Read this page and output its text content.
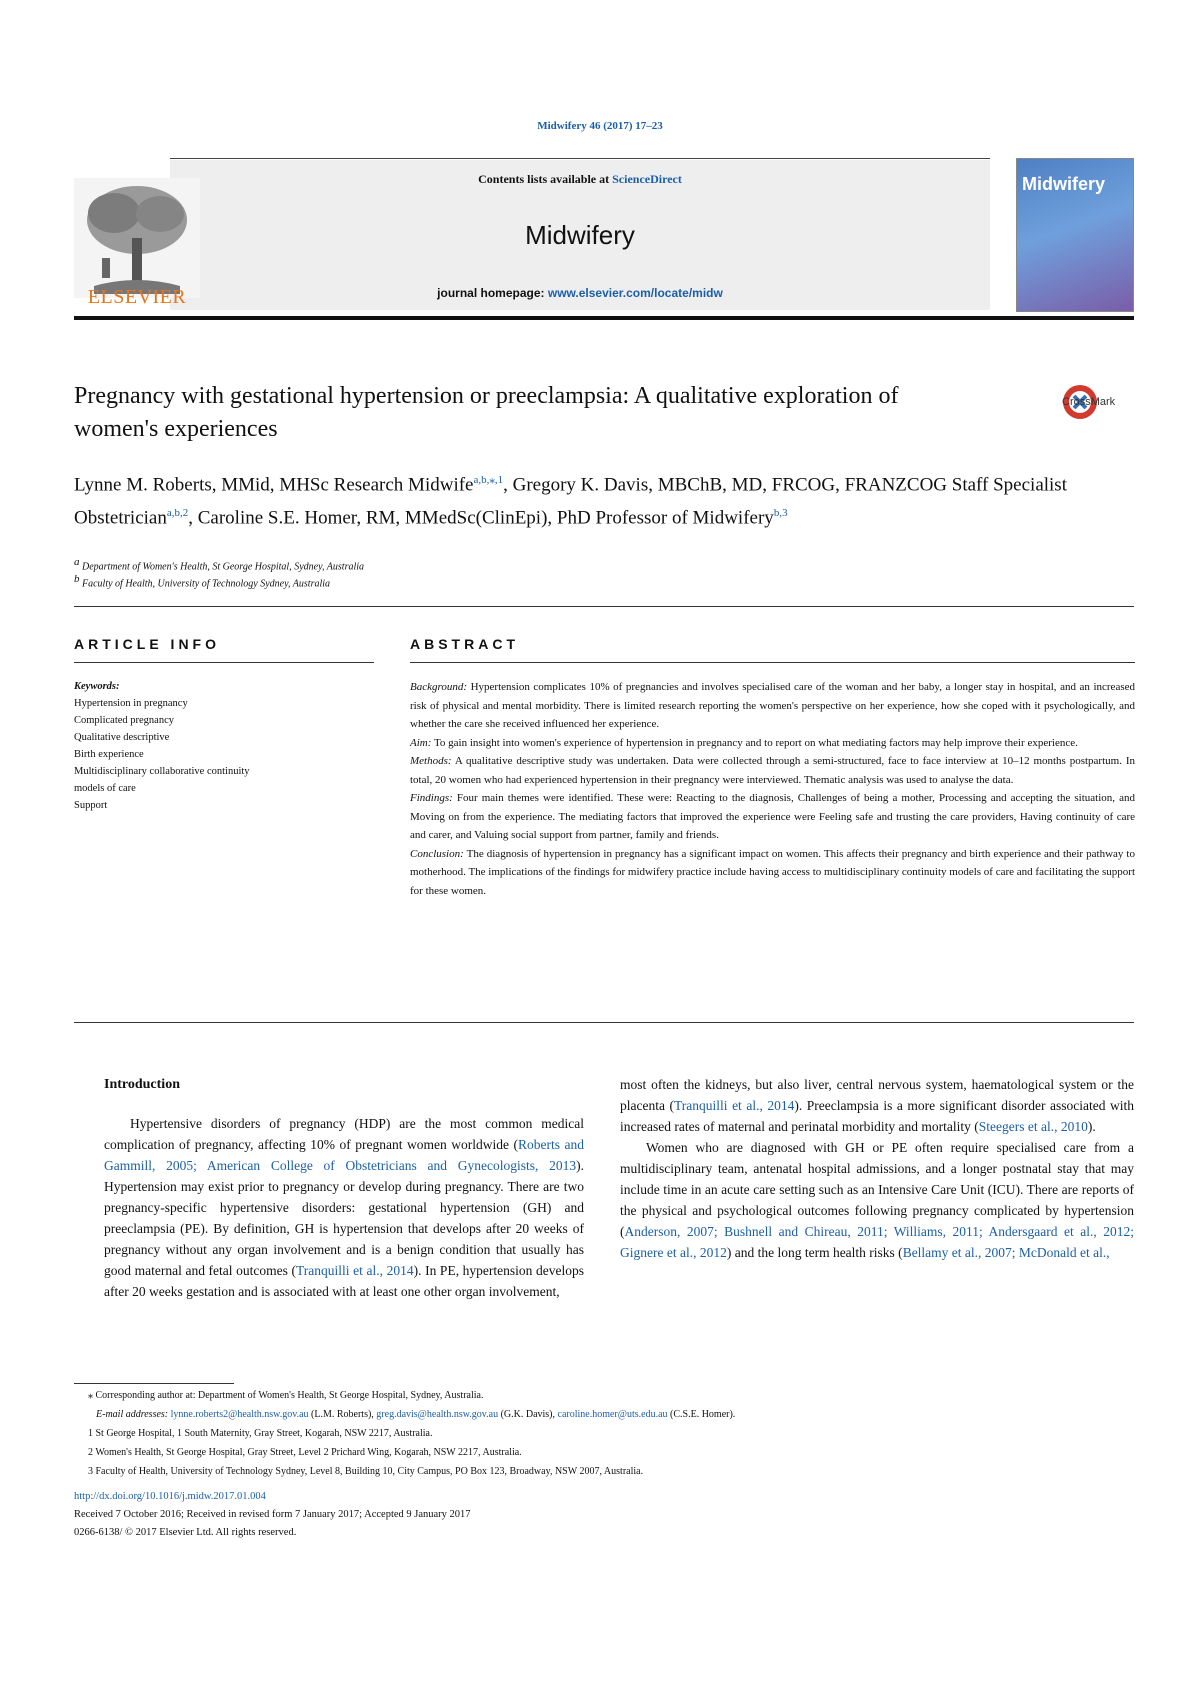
Midwifery 46 (2017) 17–23
Contents lists available at ScienceDirect
Midwifery
journal homepage: www.elsevier.com/locate/midw
ELSEVIER
Midwifery
Pregnancy with gestational hypertension or preeclampsia: A qualitative exploration of women's experiences
CrossMark
Lynne M. Roberts, MMid, MHSc Research Midwife$^{a,b,⁎,1}$, Gregory K. Davis, MBChB, MD, FRCOG, FRANZCOG Staff Specialist Obstetrician$^{a,b,2}$, Caroline S.E. Homer, RM, MMedSc(ClinEpi), PhD Professor of Midwifery$^{b,3}$
$^a$ Department of Women's Health, St George Hospital, Sydney, Australia
$^b$ Faculty of Health, University of Technology Sydney, Australia
ARTICLE INFO
Keywords:
Hypertension in pregnancy
Complicated pregnancy
Qualitative descriptive
Birth experience
Multidisciplinary collaborative continuity
models of care
Support
ABSTRACT
Background: Hypertension complicates 10% of pregnancies and involves specialised care of the woman and her baby, a longer stay in hospital, and an increased risk of physical and mental morbidity. There is limited research reporting the women's perspective on her experience, how she coped with it psychologically, and whether the care she received influenced her experience.
Aim: To gain insight into women's experience of hypertension in pregnancy and to report on what mediating factors may help improve their experience.
Methods: A qualitative descriptive study was undertaken. Data were collected through a semi-structured, face to face interview at 10–12 months postpartum. In total, 20 women who had experienced hypertension in their pregnancy were interviewed. Thematic analysis was used to analyse the data.
Findings: Four main themes were identified. These were: Reacting to the diagnosis, Challenges of being a mother, Processing and accepting the situation, and Moving on from the experience. The mediating factors that improved the experience were Feeling safe and trusting the care providers, Having continuity of care and carer, and Valuing social support from partner, family and friends.
Conclusion: The diagnosis of hypertension in pregnancy has a significant impact on women. This affects their pregnancy and birth experience and their pathway to motherhood. The implications of the findings for midwifery practice include having access to multidisciplinary continuity models of care and facilitating the support for these women.
Introduction

Hypertensive disorders of pregnancy (HDP) are the most common medical complication of pregnancy, affecting 10% of pregnant women worldwide (Roberts and Gammill, 2005; American College of Obstetricians and Gynecologists, 2013). Hypertension may exist prior to pregnancy or develop during pregnancy. There are two pregnancy-specific hypertensive disorders: gestational hypertension (GH) and preeclampsia (PE). By definition, GH is hypertension that develops after 20 weeks of pregnancy without any organ involvement and is a benign condition that usually has good maternal and fetal outcomes (Tranquilli et al., 2014). In PE, hypertension develops after 20 weeks gestation and is associated with at least one other organ involvement,

most often the kidneys, but also liver, central nervous system, haematological system or the placenta (Tranquilli et al., 2014). Preeclampsia is a more significant disorder associated with increased rates of maternal and perinatal morbidity and mortality (Steegers et al., 2010).

Women who are diagnosed with GH or PE often require specialised care from a multidisciplinary team, antenatal hospital admissions, and a longer postnatal stay that may include time in an acute care setting such as an Intensive Care Unit (ICU). There are reports of the physical and psychological outcomes following pregnancy complicated by hypertension (Anderson, 2007; Bushnell and Chireau, 2011; Williams, 2011; Andersgaard et al., 2012; Gignere et al., 2012) and the long term health risks (Bellamy et al., 2007; McDonald et al.,

⁎ Corresponding author at: Department of Women's Health, St George Hospital, Sydney, Australia.
E-mail addresses: lynne.roberts2@health.nsw.gov.au (L.M. Roberts), greg.davis@health.nsw.gov.au (G.K. Davis), caroline.homer@uts.edu.au (C.S.E. Homer).
1 St George Hospital, 1 South Maternity, Gray Street, Kogarah, NSW 2217, Australia.
2 Women's Health, St George Hospital, Gray Street, Level 2 Prichard Wing, Kogarah, NSW 2217, Australia.
3 Faculty of Health, University of Technology Sydney, Level 8, Building 10, City Campus, PO Box 123, Broadway, NSW 2007, Australia.
http://dx.doi.org/10.1016/j.midw.2017.01.004
Received 7 October 2016; Received in revised form 7 January 2017; Accepted 9 January 2017
0266-6138/ © 2017 Elsevier Ltd. All rights reserved.
